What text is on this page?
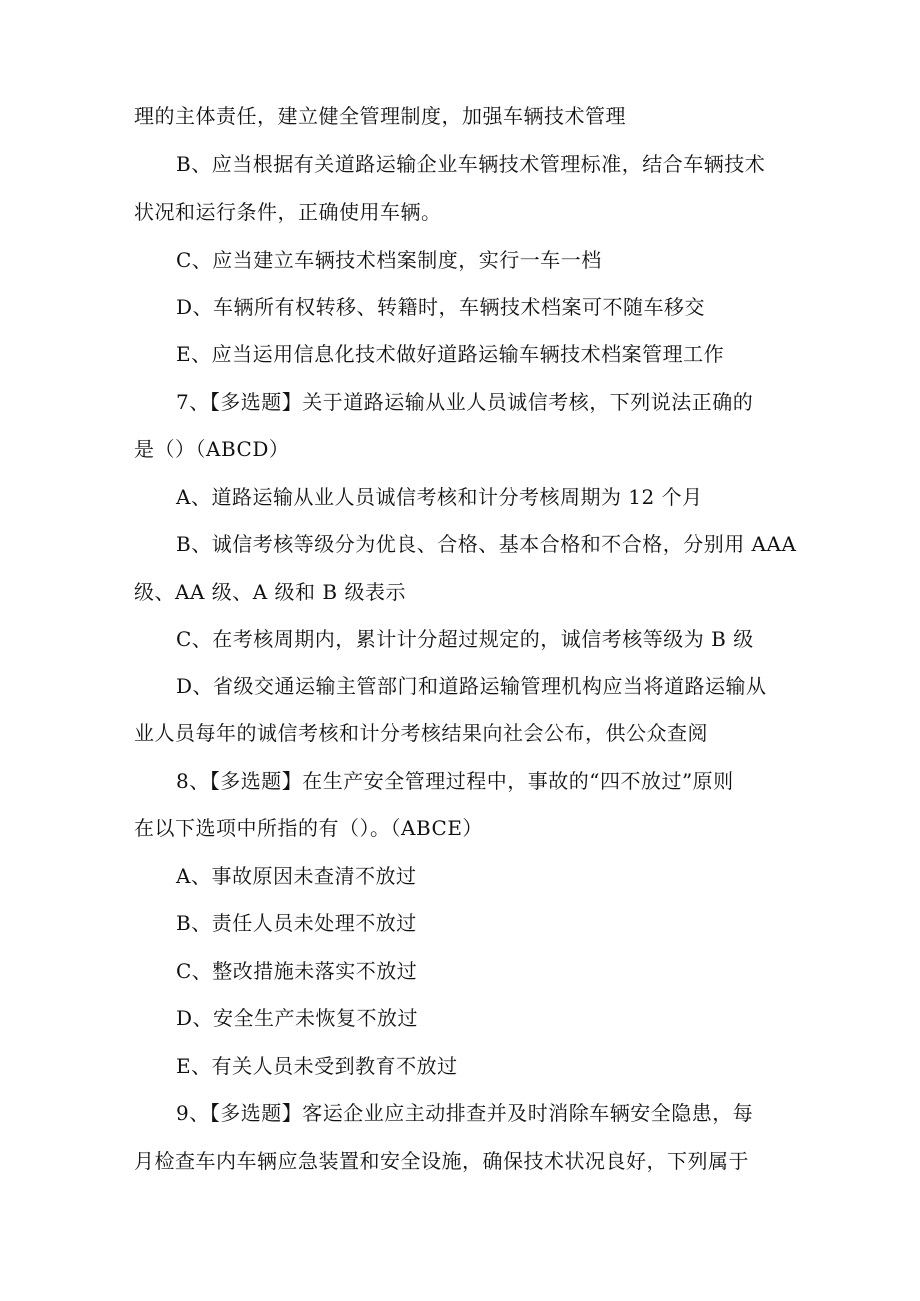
理的主体责任，建立健全管理制度，加强车辆技术管理
B、应当根据有关道路运输企业车辆技术管理标准，结合车辆技术
状况和运行条件，正确使用车辆。
C、应当建立车辆技术档案制度，实行一车一档
D、车辆所有权转移、转籍时，车辆技术档案可不随车移交
E、应当运用信息化技术做好道路运输车辆技术档案管理工作
7、【多选题】关于道路运输从业人员诚信考核，下列说法正确的
是（）（ABCD）
A、道路运输从业人员诚信考核和计分考核周期为 12 个月
B、诚信考核等级分为优良、合格、基本合格和不合格，分别用 AAA
级、AA 级、A 级和 B 级表示
C、在考核周期内，累计计分超过规定的，诚信考核等级为 B 级
D、省级交通运输主管部门和道路运输管理机构应当将道路运输从
业人员每年的诚信考核和计分考核结果向社会公布，供公众查阅
8、【多选题】在生产安全管理过程中，事故的“四不放过”原则
在以下选项中所指的有（）。（ABCE）
A、事故原因未查清不放过
B、责任人员未处理不放过
C、整改措施未落实不放过
D、安全生产未恢复不放过
E、有关人员未受到教育不放过
9、【多选题】客运企业应主动排查并及时消除车辆安全隐患，每
月检查车内车辆应急装置和安全设施，确保技术状况良好，下列属于
